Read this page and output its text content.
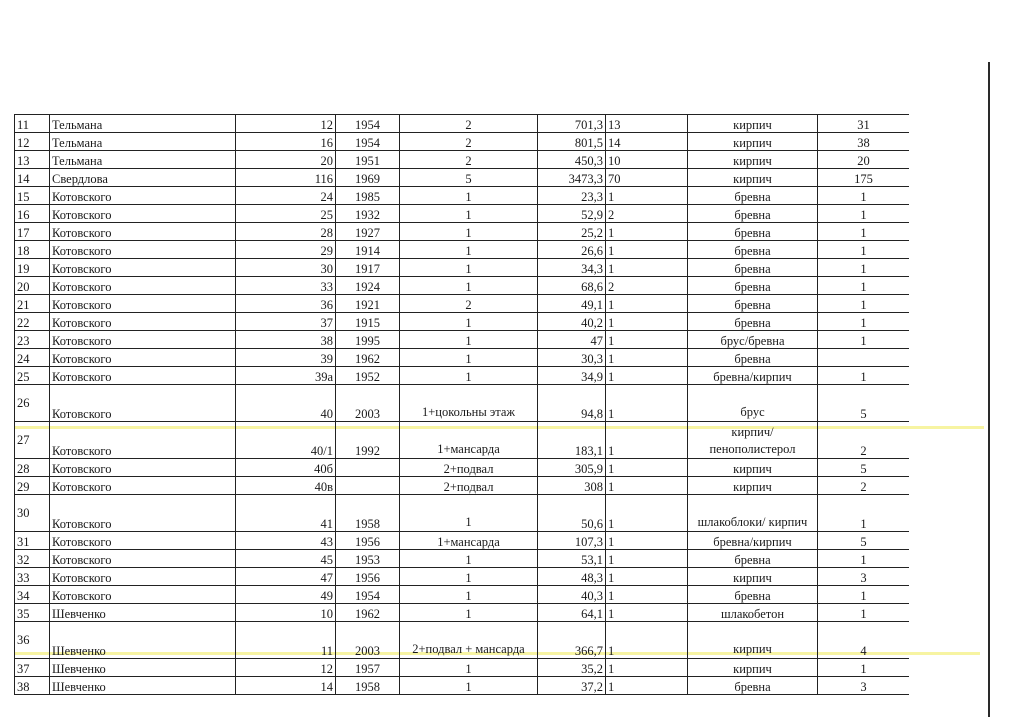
11	Тельмана	12	1954	2	701,3	13	кирпич	31
12	Тельмана	16	1954	2	801,5	14	кирпич	38
13	Тельмана	20	1951	2	450,3	10	кирпич	20
14	Свердлова	116	1969	5	3473,3	70	кирпич	175
15	Котовского	24	1985	1	23,3	1	бревна	1
16	Котовского	25	1932	1	52,9	2	бревна	1
17	Котовского	28	1927	1	25,2	1	бревна	1
18	Котовского	29	1914	1	26,6	1	бревна	1
19	Котовского	30	1917	1	34,3	1	бревна	1
20	Котовского	33	1924	1	68,6	2	бревна	1
21	Котовского	36	1921	2	49,1	1	бревна	1
22	Котовского	37	1915	1	40,2	1	бревна	1
23	Котовского	38	1995	1	47	1	брус/бревна	1
24	Котовского	39	1962	1	30,3	1	бревна	
25	Котовского	39а	1952	1	34,9	1	бревна/кирпич	1
26	Котовского	40	2003	1+цокольны этаж	94,8	1	брус	5
27	Котовского	40/1	1992	1+мансарда	183,1	1	кирпич/пенополистерол	2
28	Котовского	40б		2+подвал	305,9	1	кирпич	5
29	Котовского	40в		2+подвал	308	1	кирпич	2
30	Котовского	41	1958	1	50,6	1	шлакоблоки/ кирпич	1
31	Котовского	43	1956	1+мансарда	107,3	1	бревна/кирпич	5
32	Котовского	45	1953	1	53,1	1	бревна	1
33	Котовского	47	1956	1	48,3	1	кирпич	3
34	Котовского	49	1954	1	40,3	1	бревна	1
35	Шевченко	10	1962	1	64,1	1	шлакобетон	1
36	Шевченко	11	2003	2+подвал + мансарда	366,7	1	кирпич	4
37	Шевченко	12	1957	1	35,2	1	кирпич	1
38	Шевченко	14	1958	1	37,2	1	бревна	3
